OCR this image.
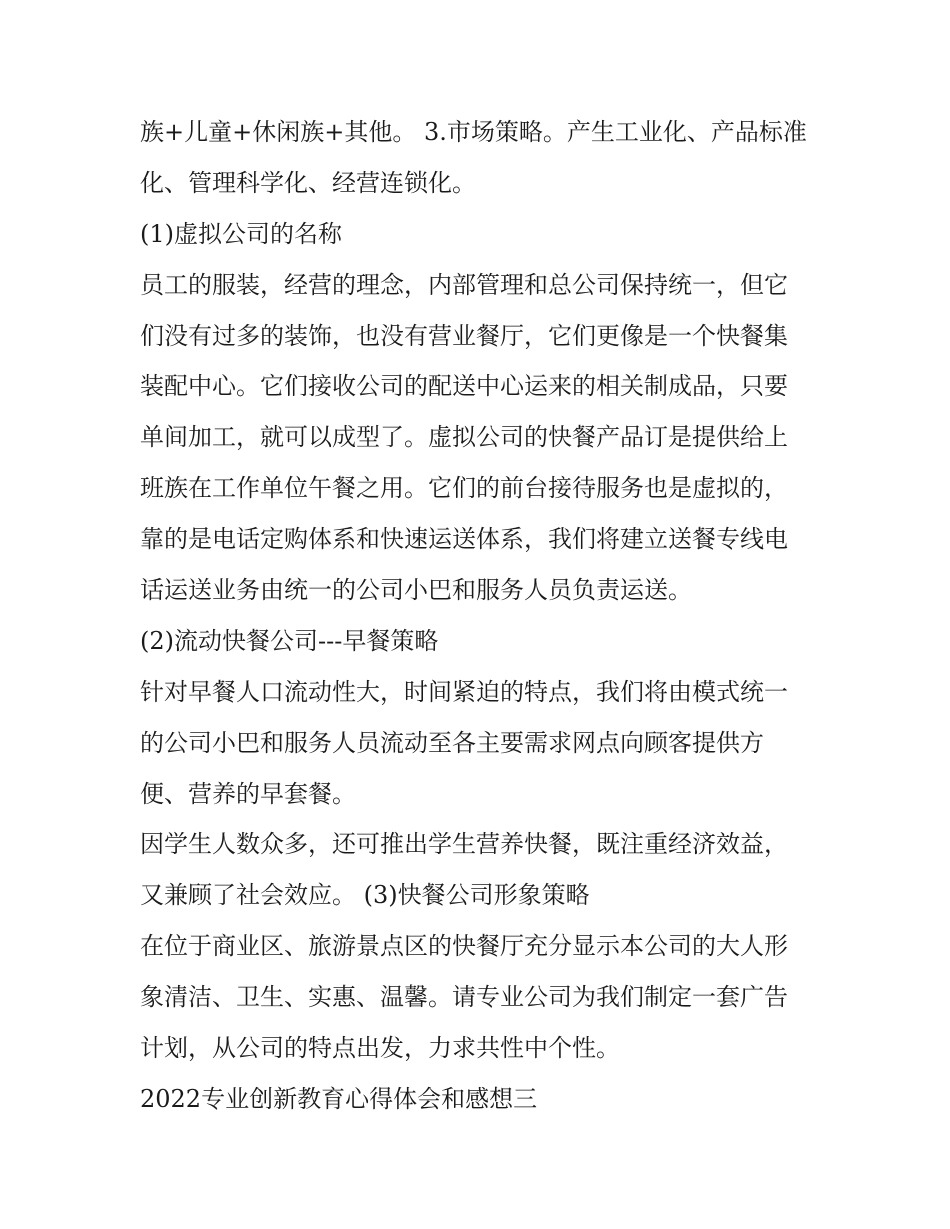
族+儿童+休闲族+其他。 3.市场策略。产生工业化、产品标准
化、管理科学化、经营连锁化。
(1)虚拟公司的名称
员工的服装，经营的理念，内部管理和总公司保持统一，但它
们没有过多的装饰，也没有营业餐厅，它们更像是一个快餐集
装配中心。它们接收公司的配送中心运来的相关制成品，只要
单间加工，就可以成型了。虚拟公司的快餐产品订是提供给上
班族在工作单位午餐之用。它们的前台接待服务也是虚拟的，
靠的是电话定购体系和快速运送体系，我们将建立送餐专线电
话运送业务由统一的公司小巴和服务人员负责运送。
(2)流动快餐公司---早餐策略
针对早餐人口流动性大，时间紧迫的特点，我们将由模式统一
的公司小巴和服务人员流动至各主要需求网点向顾客提供方
便、营养的早套餐。
因学生人数众多，还可推出学生营养快餐，既注重经济效益，
又兼顾了社会效应。 (3)快餐公司形象策略
在位于商业区、旅游景点区的快餐厅充分显示本公司的大人形
象清洁、卫生、实惠、温馨。请专业公司为我们制定一套广告
计划，从公司的特点出发，力求共性中个性。
2022专业创新教育心得体会和感想三
